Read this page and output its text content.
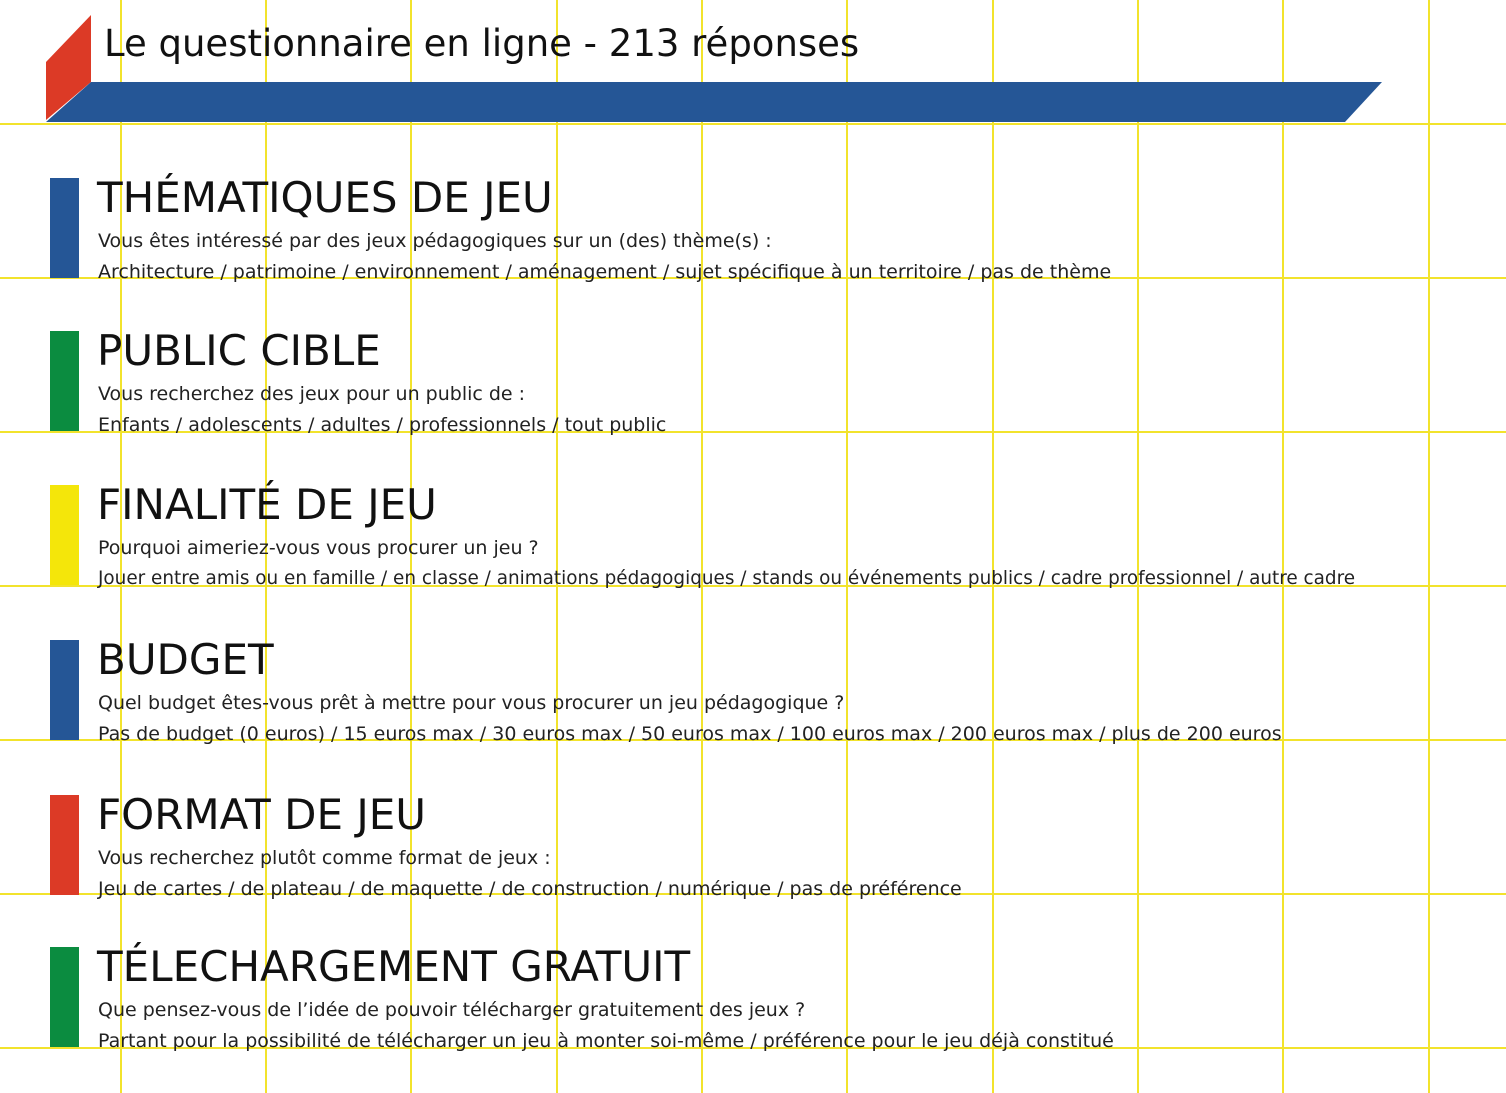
Le questionnaire en ligne - 213 réponses
THÉMATIQUES DE JEU
Vous êtes intéressé par des jeux pédagogiques sur un (des) thème(s) :
Architecture / patrimoine / environnement / aménagement / sujet spécifique à un territoire / pas de thème
PUBLIC CIBLE
Vous recherchez des jeux pour un public de :
Enfants / adolescents / adultes / professionnels / tout public
FINALITÉ DE JEU
Pourquoi aimeriez-vous vous procurer un jeu ?
Jouer entre amis ou en famille / en classe / animations pédagogiques / stands ou événements publics / cadre professionnel / autre cadre
BUDGET
Quel budget êtes-vous prêt à mettre pour vous procurer un jeu pédagogique ?
Pas de budget (0 euros) / 15 euros max / 30 euros max / 50 euros max / 100 euros max / 200 euros max / plus de 200 euros
FORMAT DE JEU
Vous recherchez plutôt comme format de jeux :
Jeu de cartes / de plateau / de maquette / de construction / numérique / pas de préférence
TÉLECHARGEMENT GRATUIT
Que pensez-vous de l’idée de pouvoir télécharger gratuitement des jeux ?
Partant pour la possibilité de télécharger un jeu à monter soi-même / préférence pour le jeu déjà constitué
